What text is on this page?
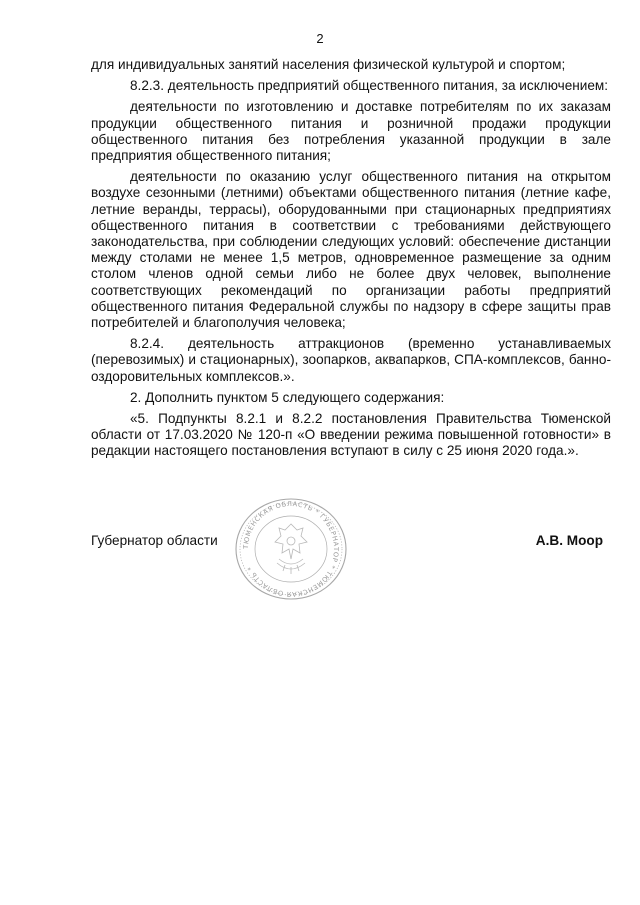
2

для индивидуальных занятий населения физической культурой и спортом;

8.2.3. деятельность предприятий общественного питания, за исключением:

деятельности по изготовлению и доставке потребителям по их заказам продукции общественного питания и розничной продажи продукции общественного питания без потребления указанной продукции в зале предприятия общественного питания;

деятельности по оказанию услуг общественного питания на открытом воздухе сезонными (летними) объектами общественного питания (летние кафе, летние веранды, террасы), оборудованными при стационарных предприятиях общественного питания в соответствии с требованиями действующего законодательства, при соблюдении следующих условий: обеспечение дистанции между столами не менее 1,5 метров, одновременное размещение за одним столом членов одной семьи либо не более двух человек, выполнение соответствующих рекомендаций по организации работы предприятий общественного питания Федеральной службы по надзору в сфере защиты прав потребителей и благополучия человека;

8.2.4. деятельность аттракционов (временно устанавливаемых (перевозимых) и стационарных), зоопарков, аквапарков, СПА-комплексов, банно-оздоровительных комплексов.».

2. Дополнить пунктом 5 следующего содержания:

«5. Подпункты 8.2.1 и 8.2.2 постановления Правительства Тюменской области от 17.03.2020 № 120-п «О введении режима повышенной готовности» в редакции настоящего постановления вступают в силу с 25 июня 2020 года.».

ТЮМЕНСКАЯ ОБЛАСТЬ * ГУБЕРНАТОР * ТЮМЕНСКАЯ ОБЛАСТЬ *
Губернатор области	А.В. Моор
